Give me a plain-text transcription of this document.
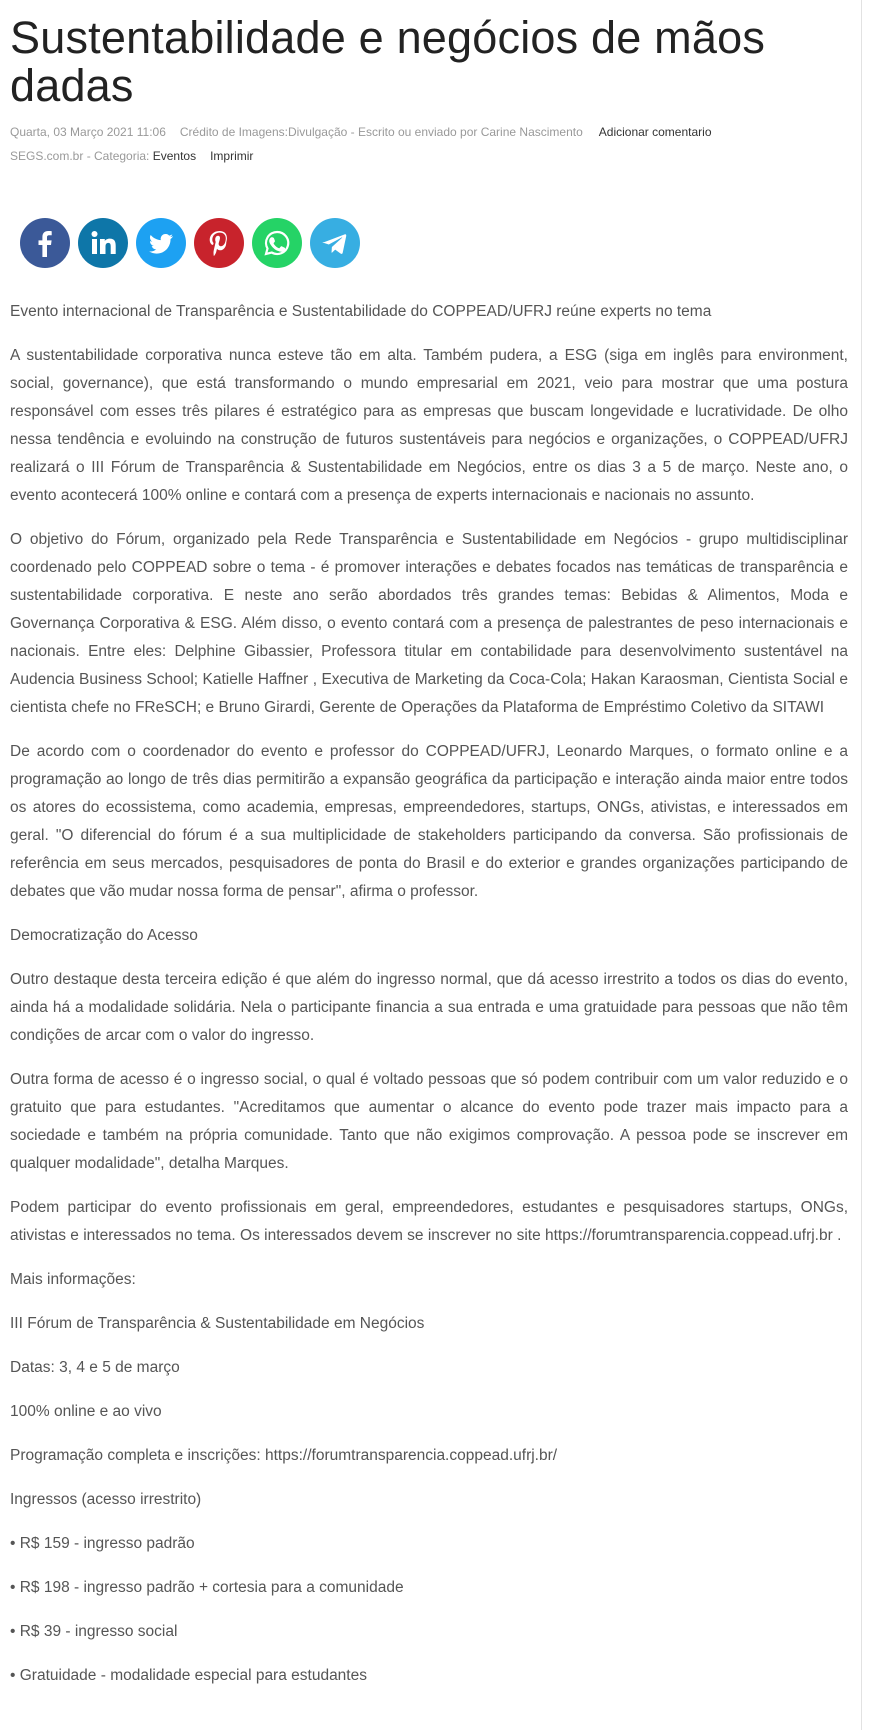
Sustentabilidade e negócios de mãos dadas
Quarta, 03 Março 2021 11:06 Crédito de Imagens:Divulgação - Escrito ou enviado por Carine Nascimento Adicionar comentario
SEGS.com.br - Categoria: Eventos Imprimir

Evento internacional de Transparência e Sustentabilidade do COPPEAD/UFRJ reúne experts no tema

A sustentabilidade corporativa nunca esteve tão em alta. Também pudera, a ESG (siga em inglês para environment, social, governance), que está transformando o mundo empresarial em 2021, veio para mostrar que uma postura responsável com esses três pilares é estratégico para as empresas que buscam longevidade e lucratividade. De olho nessa tendência e evoluindo na construção de futuros sustentáveis para negócios e organizações, o COPPEAD/UFRJ realizará o III Fórum de Transparência & Sustentabilidade em Negócios, entre os dias 3 a 5 de março. Neste ano, o evento acontecerá 100% online e contará com a presença de experts internacionais e nacionais no assunto.

O objetivo do Fórum, organizado pela Rede Transparência e Sustentabilidade em Negócios - grupo multidisciplinar coordenado pelo COPPEAD sobre o tema - é promover interações e debates focados nas temáticas de transparência e sustentabilidade corporativa. E neste ano serão abordados três grandes temas: Bebidas & Alimentos, Moda e Governança Corporativa & ESG. Além disso, o evento contará com a presença de palestrantes de peso internacionais e nacionais. Entre eles: Delphine Gibassier, Professora titular em contabilidade para desenvolvimento sustentável na Audencia Business School; Katielle Haffner , Executiva de Marketing da Coca-Cola; Hakan Karaosman, Cientista Social e cientista chefe no FReSCH; e Bruno Girardi, Gerente de Operações da Plataforma de Empréstimo Coletivo da SITAWI

De acordo com o coordenador do evento e professor do COPPEAD/UFRJ, Leonardo Marques, o formato online e a programação ao longo de três dias permitirão a expansão geográfica da participação e interação ainda maior entre todos os atores do ecossistema, como academia, empresas, empreendedores, startups, ONGs, ativistas, e interessados em geral. "O diferencial do fórum é a sua multiplicidade de stakeholders participando da conversa. São profissionais de referência em seus mercados, pesquisadores de ponta do Brasil e do exterior e grandes organizações participando de debates que vão mudar nossa forma de pensar", afirma o professor.

Democratização do Acesso

Outro destaque desta terceira edição é que além do ingresso normal, que dá acesso irrestrito a todos os dias do evento, ainda há a modalidade solidária. Nela o participante financia a sua entrada e uma gratuidade para pessoas que não têm condições de arcar com o valor do ingresso.

Outra forma de acesso é o ingresso social, o qual é voltado pessoas que só podem contribuir com um valor reduzido e o gratuito que para estudantes. "Acreditamos que aumentar o alcance do evento pode trazer mais impacto para a sociedade e também na própria comunidade. Tanto que não exigimos comprovação. A pessoa pode se inscrever em qualquer modalidade", detalha Marques.

Podem participar do evento profissionais em geral, empreendedores, estudantes e pesquisadores startups, ONGs, ativistas e interessados no tema. Os interessados devem se inscrever no site https://forumtransparencia.coppead.ufrj.br .

Mais informações:

III Fórum de Transparência & Sustentabilidade em Negócios

Datas: 3, 4 e 5 de março

100% online e ao vivo

Programação completa e inscrições: https://forumtransparencia.coppead.ufrj.br/

Ingressos (acesso irrestrito)

• R$ 159 - ingresso padrão

• R$ 198 - ingresso padrão + cortesia para a comunidade

• R$ 39 - ingresso social

• Gratuidade - modalidade especial para estudantes
